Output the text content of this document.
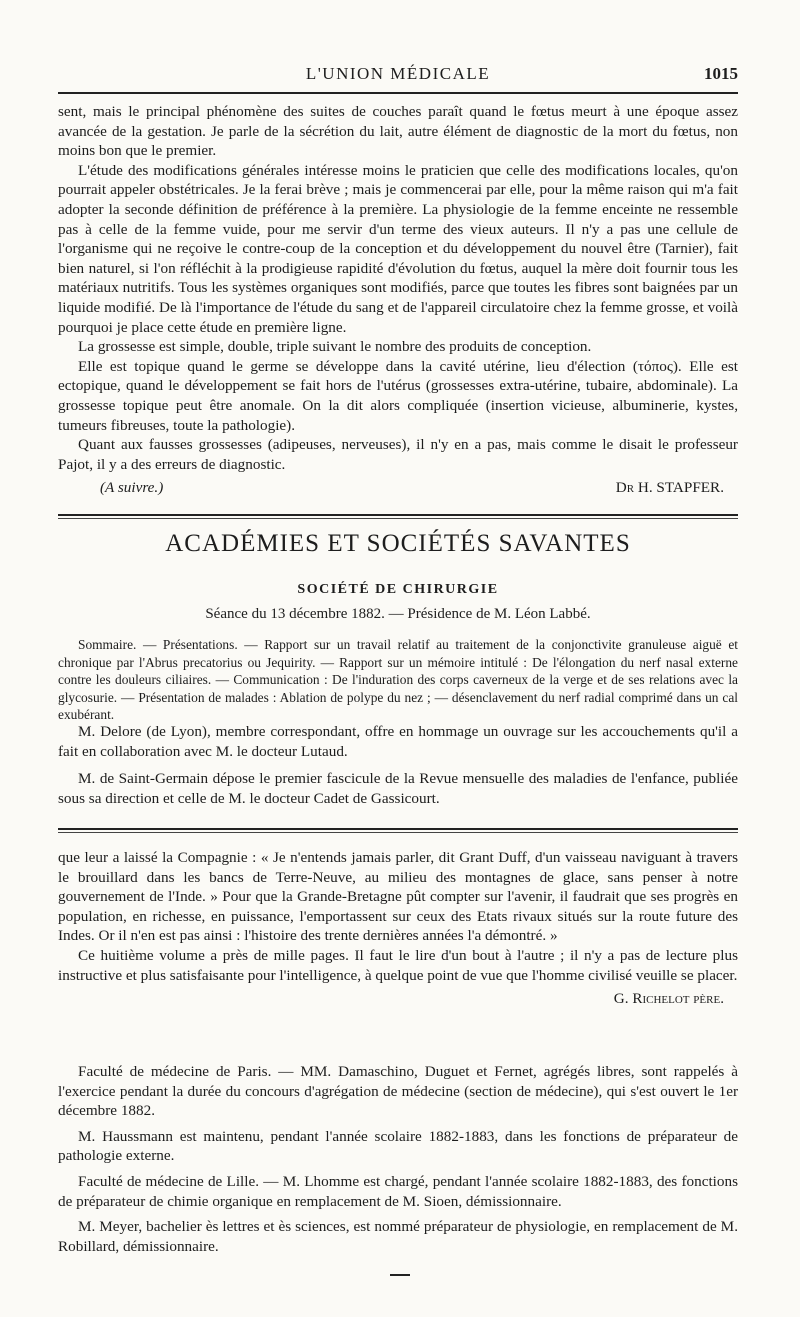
L'UNION MÉDICALE	1015

sent, mais le principal phénomène des suites de couches paraît quand le fœtus meurt à une époque assez avancée de la gestation. Je parle de la sécrétion du lait, autre élément de diagnostic de la mort du fœtus, non moins bon que le premier.

L'étude des modifications générales intéresse moins le praticien que celle des modifications locales, qu'on pourrait appeler obstétricales. Je la ferai brève ; mais je commencerai par elle, pour la même raison qui m'a fait adopter la seconde définition de préférence à la première. La physiologie de la femme enceinte ne ressemble pas à celle de la femme vuide, pour me servir d'un terme des vieux auteurs. Il n'y a pas une cellule de l'organisme qui ne reçoive le contre-coup de la conception et du développement du nouvel être (Tarnier), fait bien naturel, si l'on réfléchit à la prodigieuse rapidité d'évolution du fœtus, auquel la mère doit fournir tous les matériaux nutritifs. Tous les systèmes organiques sont modifiés, parce que toutes les fibres sont baignées par un liquide modifié. De là l'importance de l'étude du sang et de l'appareil circulatoire chez la femme grosse, et voilà pourquoi je place cette étude en première ligne.

La grossesse est simple, double, triple suivant le nombre des produits de conception.

Elle est topique quand le germe se développe dans la cavité utérine, lieu d'élection (τόπος). Elle est ectopique, quand le développement se fait hors de l'utérus (grossesses extra-utérine, tubaire, abdominale). La grossesse topique peut être anomale. On la dit alors compliquée (insertion vicieuse, albuminerie, kystes, tumeurs fibreuses, toute la pathologie).

Quant aux fausses grossesses (adipeuses, nerveuses), il n'y en a pas, mais comme le disait le professeur Pajot, il y a des erreurs de diagnostic.

(A suivre.)	Dr H. STAPFER.
ACADÉMIES ET SOCIÉTÉS SAVANTES
SOCIÉTÉ DE CHIRURGIE
Séance du 13 décembre 1882. — Présidence de M. Léon Labbé.

Sommaire. — Présentations. — Rapport sur un travail relatif au traitement de la conjonctivite granuleuse aiguë et chronique par l'Abrus precatorius ou Jequirity. — Rapport sur un mémoire intitulé : De l'élongation du nerf nasal externe contre les douleurs ciliaires. — Communication : De l'induration des corps caverneux de la verge et de ses relations avec la glycosurie. — Présentation de malades : Ablation de polype du nez ; — désenclavement du nerf radial comprimé dans un cal exubérant.

M. Delore (de Lyon), membre correspondant, offre en hommage un ouvrage sur les accouchements qu'il a fait en collaboration avec M. le docteur Lutaud.

M. de Saint-Germain dépose le premier fascicule de la Revue mensuelle des maladies de l'enfance, publiée sous sa direction et celle de M. le docteur Cadet de Gassicourt.

que leur a laissé la Compagnie : « Je n'entends jamais parler, dit Grant Duff, d'un vaisseau naviguant à travers le brouillard dans les bancs de Terre-Neuve, au milieu des montagnes de glace, sans penser à notre gouvernement de l'Inde. » Pour que la Grande-Bretagne pût compter sur l'avenir, il faudrait que ses progrès en population, en richesse, en puissance, l'emportassent sur ceux des Etats rivaux situés sur la route future des Indes. Or il n'en est pas ainsi : l'histoire des trente dernières années l'a démontré. »

Ce huitième volume a près de mille pages. Il faut le lire d'un bout à l'autre ; il n'y a pas de lecture plus instructive et plus satisfaisante pour l'intelligence, à quelque point de vue que l'homme civilisé veuille se placer.

G. Richelot père.

Faculté de médecine de Paris. — MM. Damaschino, Duguet et Fernet, agrégés libres, sont rappelés à l'exercice pendant la durée du concours d'agrégation de médecine (section de médecine), qui s'est ouvert le 1er décembre 1882.

M. Haussmann est maintenu, pendant l'année scolaire 1882-1883, dans les fonctions de préparateur de pathologie externe.

Faculté de médecine de Lille. — M. Lhomme est chargé, pendant l'année scolaire 1882-1883, des fonctions de préparateur de chimie organique en remplacement de M. Sioen, démissionnaire.

M. Meyer, bachelier ès lettres et ès sciences, est nommé préparateur de physiologie, en remplacement de M. Robillard, démissionnaire.
